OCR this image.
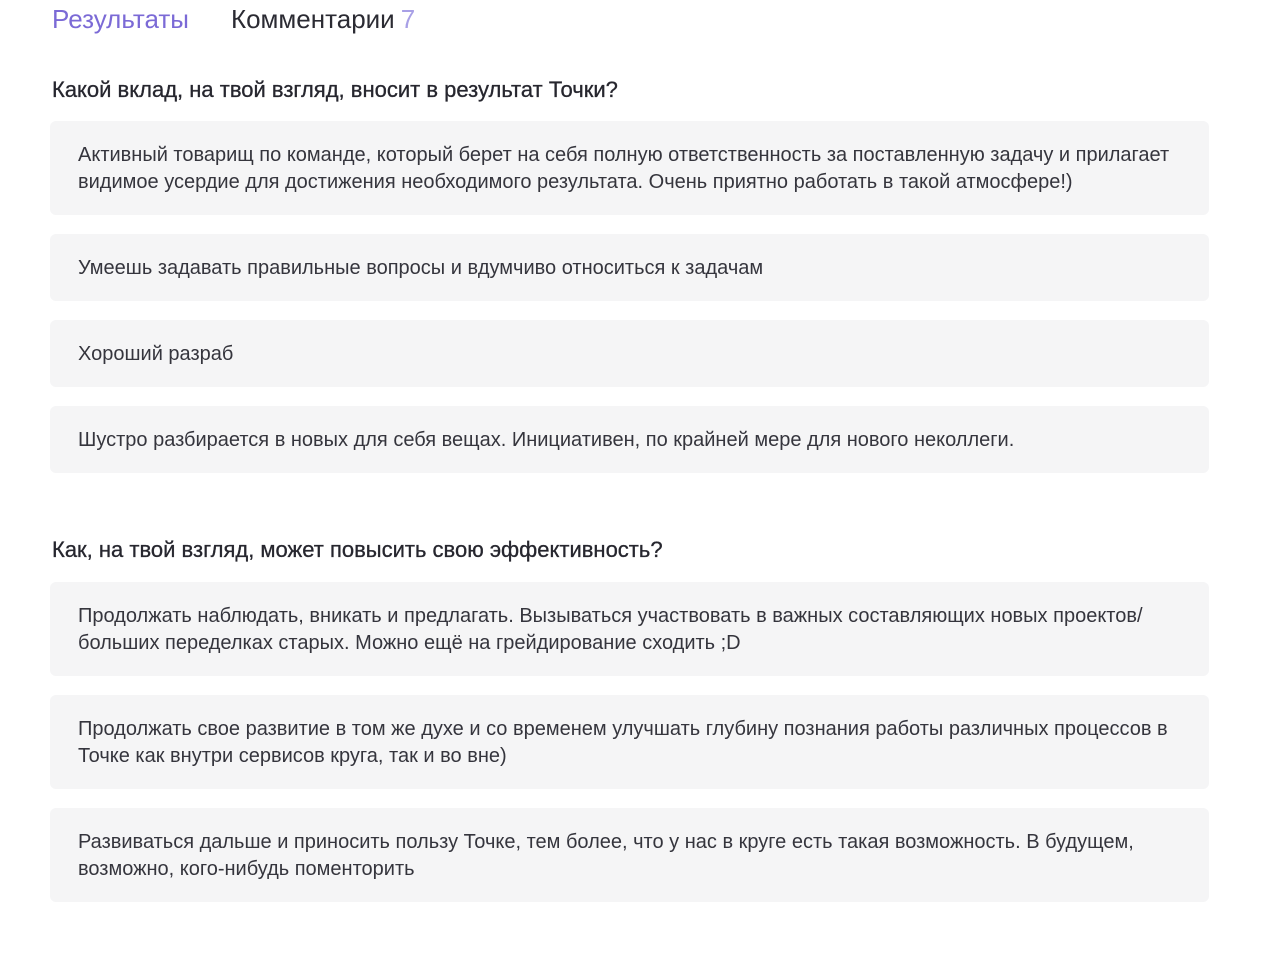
Результаты Комментарии 7
Какой вклад, на твой взгляд, вносит в результат Точки?
Активный товарищ по команде, который берет на себя полную ответственность за поставленную задачу и прилагает видимое усердие для достижения необходимого результата. Очень приятно работать в такой атмосфере!)
Умеешь задавать правильные вопросы и вдумчиво относиться к задачам
Хороший разраб
Шустро разбирается в новых для себя вещах. Инициативен, по крайней мере для нового неколлеги.
Как, на твой взгляд, может повысить свою эффективность?
Продолжать наблюдать, вникать и предлагать. Вызываться участвовать в важных составляющих новых проектов/больших переделках старых. Можно ещё на грейдирование сходить ;D
Продолжать свое развитие в том же духе и со временем улучшать глубину познания работы различных процессов в Точке как внутри сервисов круга, так и во вне)
Развиваться дальше и приносить пользу Точке, тем более, что у нас в круге есть такая возможность. В будущем, возможно, кого-нибудь поменторить
